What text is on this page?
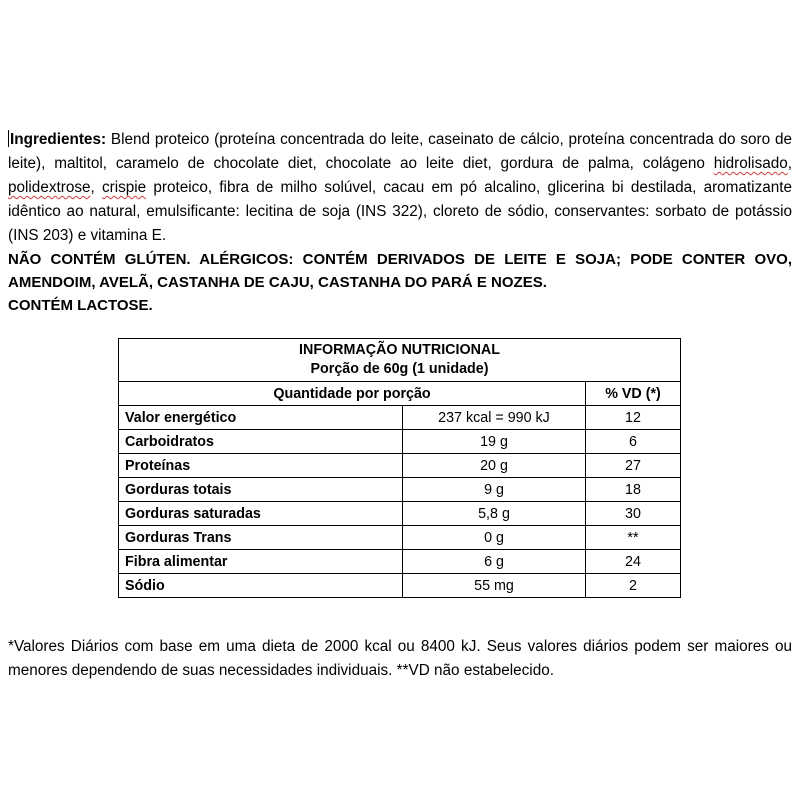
Ingredientes: Blend proteico (proteína concentrada do leite, caseinato de cálcio, proteína concentrada do soro de leite), maltitol, caramelo de chocolate diet, chocolate ao leite diet, gordura de palma, colágeno hidrolisado, polidextrose, crispie proteico, fibra de milho solúvel, cacau em pó alcalino, glicerina bi destilada, aromatizante idêntico ao natural, emulsificante: lecitina de soja (INS 322), cloreto de sódio, conservantes: sorbato de potássio (INS 203) e vitamina E.

NÃO CONTÉM GLÚTEN. ALÉRGICOS: CONTÉM DERIVADOS DE LEITE E SOJA; PODE CONTER OVO, AMENDOIM, AVELÃ, CASTANHA DE CAJU, CASTANHA DO PARÁ E NOZES.

CONTÉM LACTOSE.

INFORMAÇÃO NUTRICIONAL
Porção de 60g (1 unidade)		

Quantidade por porção		% VD (*)
Valor energético	237 kcal = 990 kJ	12
Carboidratos	19 g	6
Proteínas	20 g	27
Gorduras totais	9 g	18
Gorduras saturadas	5,8 g	30
Gorduras Trans	0 g	**
Fibra alimentar	6 g	24
Sódio	55 mg	2

*Valores Diários com base em uma dieta de 2000 kcal ou 8400 kJ. Seus valores diários podem ser maiores ou menores dependendo de suas necessidades individuais. **VD não estabelecido.
